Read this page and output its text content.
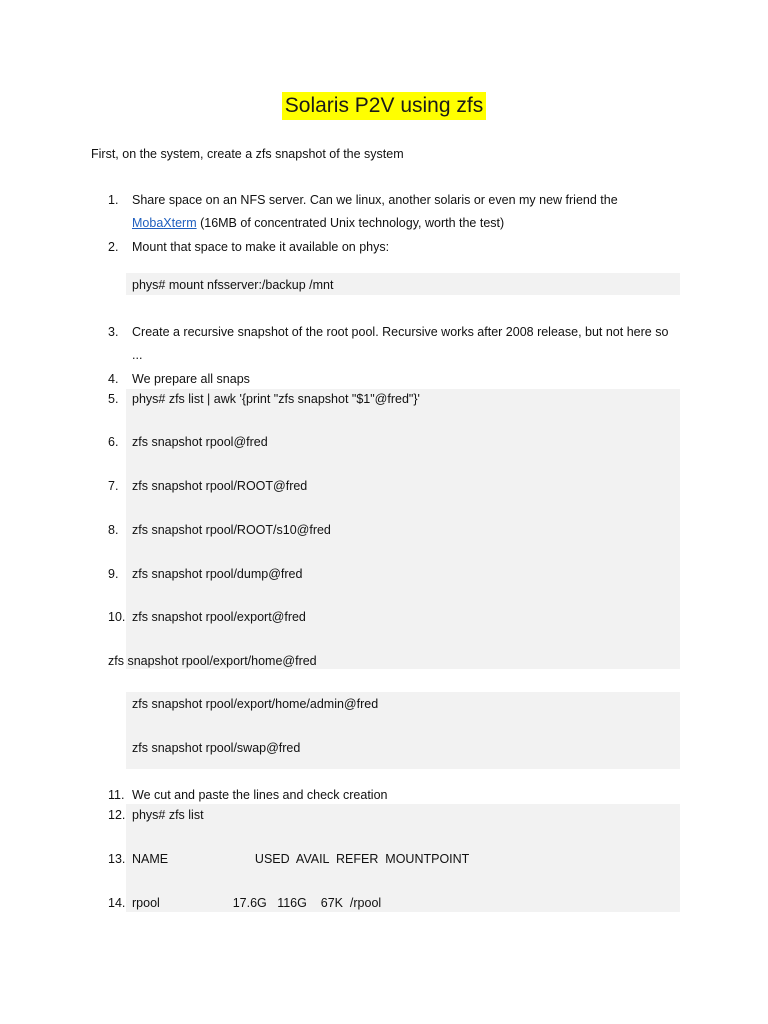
Solaris P2V using zfs
First, on the system, create a zfs snapshot of the system
1. Share space on an NFS server. Can we linux, another solaris or even my new friend the
MobaXterm (16MB of concentrated Unix technology, worth the test)
2. Mount that space to make it available on phys:
phys# mount nfsserver:/backup /mnt
3. Create a recursive snapshot of the root pool. Recursive works after 2008 release, but not here so
...
4. We prepare all snaps
5. phys# zfs list | awk '{print "zfs snapshot "$1"@fred"}'
6. zfs snapshot rpool@fred
7. zfs snapshot rpool/ROOT@fred
8. zfs snapshot rpool/ROOT/s10@fred
9. zfs snapshot rpool/dump@fred
10. zfs snapshot rpool/export@fred
zfs snapshot rpool/export/home@fred
zfs snapshot rpool/export/home/admin@fred
zfs snapshot rpool/swap@fred
11. We cut and paste the lines and check creation
12. phys# zfs list
13. NAME                         USED  AVAIL  REFER  MOUNTPOINT
14. rpool                     17.6G   116G    67K  /rpool
